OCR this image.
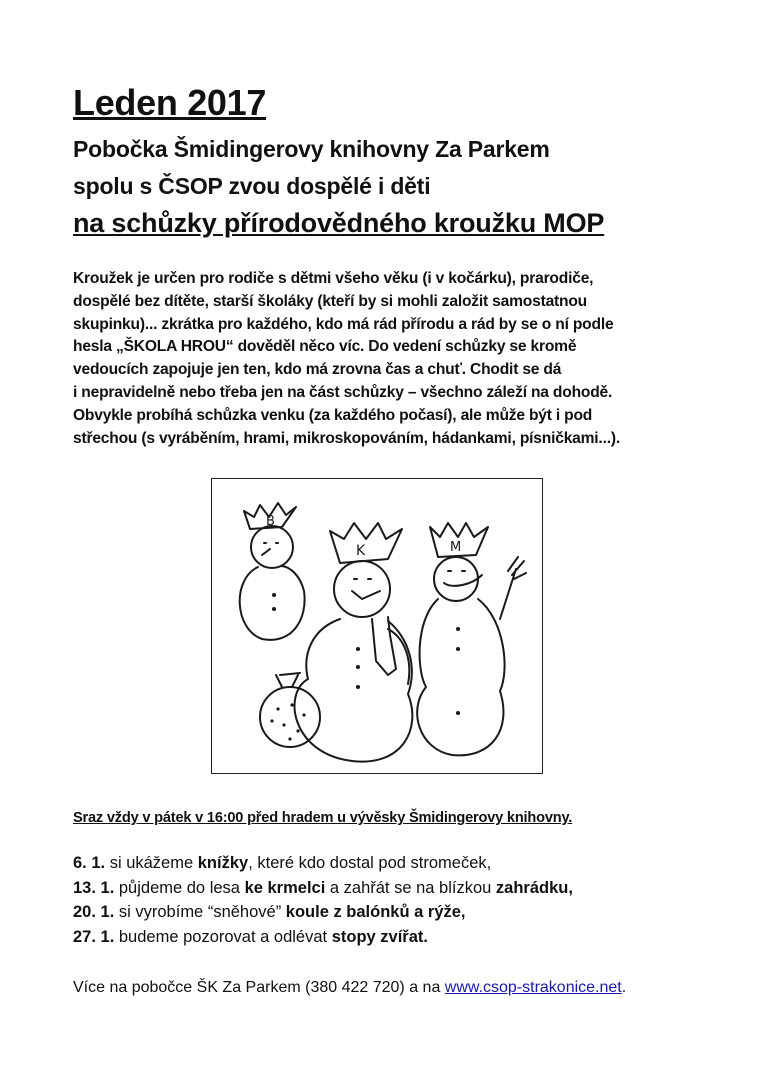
Leden 2017
Pobočka Šmidingerovy knihovny Za Parkem
spolu s ČSOP zvou dospělé i děti
na schůzky přírodovědného kroužku MOP
Kroužek je určen pro rodiče s dětmi všeho věku (i v kočárku), prarodiče,
dospělé bez dítěte, starší školáky (kteří by si mohli založit samostatnou
skupinku)... zkrátka pro každého, kdo má rád přírodu a rád by se o ní podle
hesla „ŠKOLA HROU“ dověděl něco víc. Do vedení schůzky se kromě
vedoucích zapojuje jen ten, kdo má zrovna čas a chuť. Chodit se dá
i nepravidelně nebo třeba jen na část schůzky – všechno záleží na dohodě.
Obvykle probíhá schůzka venku (za každého počasí), ale může být i pod
střechou (s vyráběním, hrami, mikroskopováním, hádankami, písničkami...).
B
K	M
Sraz vždy v pátek v 16:00 před hradem u vývěsky Šmidingerovy knihovny.
6. 1. si ukážeme knížky, které kdo dostal pod stromeček,
13. 1. půjdeme do lesa ke krmelci a zahřát se na blízkou zahrádku,
20. 1. si vyrobíme “sněhové” koule z balónků a rýže,
27. 1. budeme pozorovat a odlévat stopy zvířat.
Více na pobočce ŠK Za Parkem (380 422 720) a na www.csop-strakonice.net.
